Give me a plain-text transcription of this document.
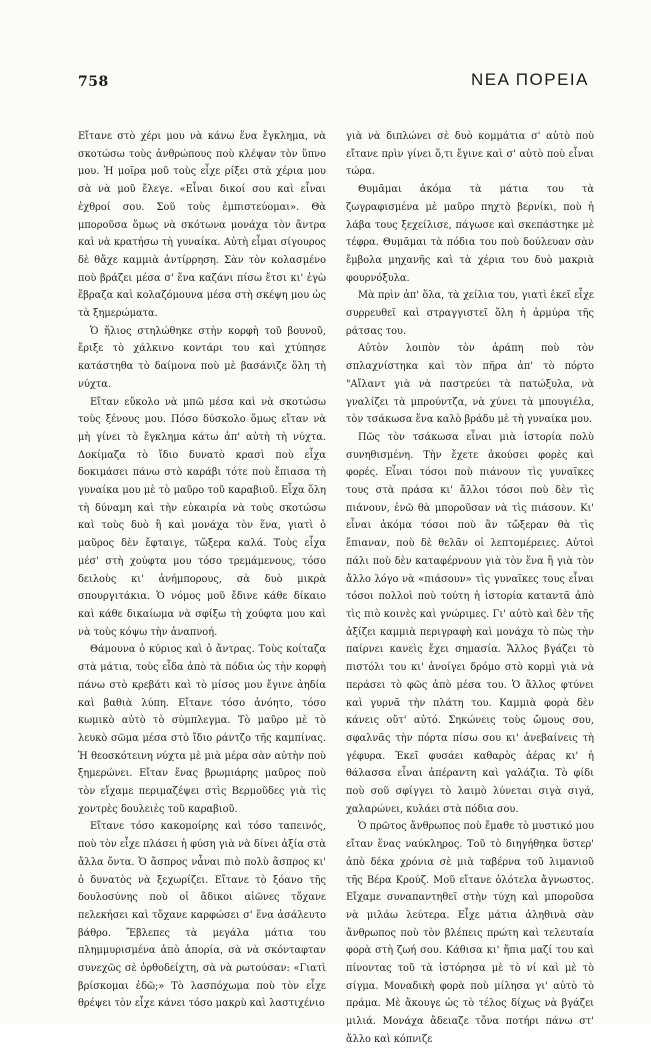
758	ΝΕΑ ΠΟΡΕΙΑ

Εἴτανε στὸ χέρι μου νὰ κάνω ἕνα ἔγκλημα, νὰ σκοτώσω τοὺς ἀνθρώπους ποὺ κλέψαν τὸν ὕπνο μου. Ἡ μοῖρα μοῦ τοὺς εἶχε ρίξει στὰ χέρια μου σὰ νὰ μοῦ ἔλεγε. «Εἶναι δικοί σου καὶ εἶναι ἐχθροί σου. Σοῦ τοὺς ἐμπιστεύομαι». Θὰ μποροῦσα ὅμως νὰ σκότωνα μονάχα τὸν ἄντρα καὶ νὰ κρατήσω τὴ γυναίκα. Αὐτὴ εἶμαι σίγουρος δὲ θἄχε καμμιὰ ἀντίρρηση. Σὰν τὸν κολασμένο ποὺ βράζει μέσα σ' ἕνα καζάνι πίσω ἔτσι κι' ἐγὼ ἔβραζα καὶ κολαζόμουνα μέσα στὴ σκέψη μου ὡς τὰ ξημερώματα.

Ὁ ἥλιος στηλώθηκε στὴν κορφὴ τοῦ βουνοῦ, ἔριξε τὸ χάλκινο κοντάρι του καὶ χτύπησε κατάστηθα τὸ δαίμονα ποὺ μὲ βασάνιζε ὅλη τὴ νύχτα.

Εἴταν εὔκολο νὰ μπῶ μέσα καὶ νὰ σκοτώσω τοὺς ξένους μου. Πόσο δύσκολο ὅμως εἴταν νὰ μὴ γίνει τὸ ἔγκλημα κάτω ἀπ' αὐτὴ τὴ νύχτα. Δοκίμαζα τὸ ἴδιο δυνατὸ κρασὶ ποὺ εἶχα δοκιμάσει πάνω στὸ καράβι τότε ποὺ ἔπιασα τὴ γυναίκα μου μὲ τὸ μαῦρο τοῦ καραβιοῦ. Εἶχα ὅλη τὴ δύναμη καὶ τὴν εὐκαιρία νὰ τοὺς σκοτώσω καὶ τοὺς δυὸ ἢ καὶ μονάχα τὸν ἕνα, γιατὶ ὁ μαῦρος δὲν ἔφταιγε, τὤξερα καλά. Τοὺς εἶχα μέσ' στὴ χούφτα μου τόσο τρεμάμενους, τόσο δειλοὺς κι' ἀνήμπορους, σὰ δυὸ μικρὰ σπουργιτάκια. Ὁ νόμος μοῦ ἔδινε κάθε δίκαιο καὶ κάθε δικαίωμα νὰ σφίξω τὴ χούφτα μου καὶ νὰ τοὺς κόψω τὴν ἀναπνοή.

Θάμουνα ὁ κύριος καὶ ὁ ἄντρας. Τοὺς κοίταζα στὰ μάτια, τοὺς εἶδα ἀπὸ τὰ πόδια ὡς τὴν κορφὴ πάνω στὸ κρεβάτι καὶ τὸ μίσος μου ἔγινε ἀηδία καὶ βαθιὰ λύπη. Εἴτανε τόσο ἀνόητο, τόσο κωμικὸ αὐτὸ τὸ σύμπλεγμα. Τὸ μαῦρο μὲ τὸ λευκὸ σῶμα μέσα στὸ ἴδιο ράντζο τῆς καμπίνας. Ἡ θεοσκότεινη νύχτα μὲ μιὰ μέρα σὰν αὐτὴν ποὺ ξημερώνει. Εἴταν ἕνας βρωμιάρης μαῦρος ποὺ τὸν εἴχαμε περιμαζέψει στὶς Βερμοῦδες γιὰ τὶς χοντρὲς δουλειὲς τοῦ καραβιοῦ.

Εἴτανε τόσο κακομοίρης καὶ τόσο ταπεινός, ποὺ τὸν εἶχε πλάσει ἡ φύση γιὰ νὰ δίνει ἀξία στὰ ἄλλα ὄντα. Ὁ ἄσπρος νἆναι πιὸ πολὺ ἄσπρος κι' ὁ δυνατὸς νὰ ξεχωρίζει. Εἴτανε τὸ ξόανο τῆς δουλοσύνης ποὺ οἱ ἄδικοι αἰῶνες τὄχανε πελεκήσει καὶ τὄχανε καρφώσει σ' ἕνα ἀσάλευτο βάθρο. Ἔβλεπες τὰ μεγάλα μάτια του πλημμυρισμένα ἀπὸ ἀπορία, σὰ νὰ σκόνταφταν συνεχῶς σὲ ὀρθοδείχτη, σὰ νὰ ρωτούσαν: «Γιατὶ βρίσκομαι ἐδῶ;» Τὸ λασπόχωμα ποὺ τὸν εἶχε θρέψει τὸν εἶχε κάνει τόσο μακρὺ καὶ λαστιχένιο

γιὰ νὰ διπλώνει σὲ δυὸ κομμάτια σ' αὐτὸ ποὺ εἴτανε πρὶν γίνει ὅ,τι ἔγινε καὶ σ' αὐτὸ ποὺ εἶναι τώρα.

Θυμᾶμαι ἀκόμα τὰ μάτια του τὰ ζωγραφισμένα μὲ μαῦρο πηχτὸ βερνίκι, ποὺ ἡ λάβα τους ξεχείλισε, πάγωσε καὶ σκεπάστηκε μὲ τέφρα. Θυμᾶμαι τὰ πόδια του ποὺ δούλευαν σὰν ἔμβολα μηχανῆς καὶ τὰ χέρια του δυὸ μακριὰ φουρνόξυλα.

Μὰ πρὶν ἀπ' ὅλα, τὰ χείλια του, γιατὶ ἐκεῖ εἶχε συρρευθεῖ καὶ στραγγιστεῖ ὅλη ἡ ἁρμύρα τῆς ράτσας του.

Αὐτὸν λοιπὸν τὸν ἀράπη ποὺ τὸν σπλαχνίστηκα καὶ τὸν πῆρα ἀπ' τὸ πόρτο "Αἴλαντ γιὰ νὰ παστρεύει τὰ πατώξυλα, νὰ γναλίζει τὰ μπρούντζα, νὰ χύνει τὰ μπουγιέλα, τὸν τσάκωσα ἕνα καλὸ βράδυ μὲ τὴ γυναίκα μου.

Πῶς τὸν τσάκωσα εἶναι μιὰ ἱστορία πολὺ συνηθισμένη. Τὴν ἔχετε ἀκούσει φορὲς καὶ φορές. Εἶναι τόσοι ποὺ πιάνουν τὶς γυναῖκες τους στὰ πράσα κι' ἄλλοι τόσοι ποὺ δὲν τὶς πιάνουν, ἐνῶ θὰ μποροῦσαν νὰ τὶς πιάσουν. Κι' εἶναι ἀκόμα τόσοι ποὺ ἂν τὤξεραν θὰ τὶς ἔπιαναν, ποὺ δὲ θελᾶν οἱ λεπτομέρειες. Αὐτοὶ πάλι ποὺ δὲν καταφέρνουν γιὰ τὸν ἕνα ἢ γιὰ τὸν ἄλλο λόγο νὰ «πιάσουν» τὶς γυναῖκες τους εἶναι τόσοι πολλοὶ ποὺ τούτη ἡ ἱστορία καταντᾶ ἀπὸ τὶς πιὸ κοινὲς καὶ γνώριμες. Γι' αὐτὸ καὶ δὲν τῆς ἀξίζει καμμιὰ περιγραφὴ καὶ μονάχα τὸ πὼς τὴν παίρνει κανεὶς ἔχει σημασία. Ἄλλος βγάζει τὸ πιστόλι του κι' ἀνοίγει δρόμο στὸ κορμὶ γιὰ νὰ περάσει τὸ φῶς ἀπὸ μέσα του. Ὁ ἄλλος φτύνει καὶ γυρνᾶ τὴν πλάτη του. Καμμιὰ φορὰ δὲν κάνεις οὔτ' αὐτό. Σηκώνεις τοὺς ὤμους σου, σφαλνᾶς τὴν πόρτα πίσω σου κι' ἀνεβαίνεις τὴ γέφυρα. Ἐκεῖ φυσάει καθαρὸς ἀέρας κι' ἡ θάλασσα εἶναι ἀπέραντη καὶ γαλάζια. Τὸ φίδι ποὺ σοῦ σφίγγει τὸ λαιμὸ λύνεται σιγὰ σιγά, χαλαρώνει, κυλάει στὰ πόδια σου.

Ὁ πρῶτος ἄνθρωπος ποὺ ἔμαθε τὸ μυστικό μου εἴταν ἕνας ναύκληρος. Τοῦ τὸ διηγήθηκα ὕστερ' ἀπὸ δέκα χρόνια σὲ μιὰ ταβέρνα τοῦ λιμανιοῦ τῆς Βέρα Κρούζ. Μοῦ εἴτανε ὁλότελα ἄγνωστος. Εἴχαμε συναπαντηθεῖ στὴν τύχη καὶ μποροῦσα νὰ μιλάω λεύτερα. Εἶχε μάτια ἀληθινὰ σὰν ἄνθρωπος ποὺ τὸν βλέπεις πρώτη καὶ τελευταία φορὰ στὴ ζωή σου. Κάθισα κι' ἤπια μαζί του καὶ πίνοντας τοῦ τὰ ἱστόρησα μὲ τὸ νί καὶ μὲ τὸ σίγμα. Μοναδικὴ φορὰ ποὺ μίλησα γι' αὐτὸ τὸ πράμα. Μὲ ἄκουγε ὡς τὸ τέλος δίχως νὰ βγάζει μιλιά. Μονάχα ἄδειαζε τὄνα ποτήρι πάνω στ' ἄλλο καὶ κόπνιζε
